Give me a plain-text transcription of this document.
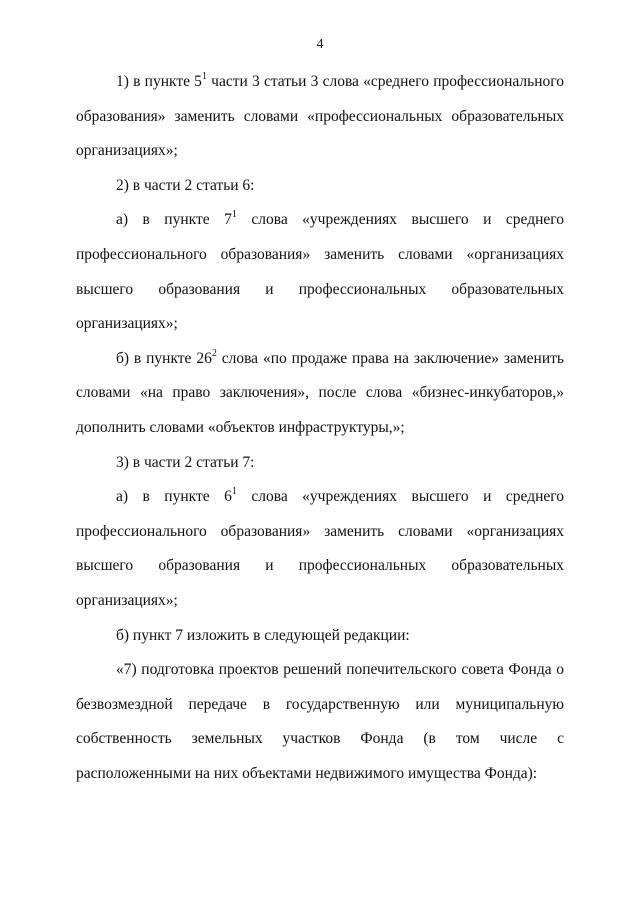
4

1) в пункте $5^1$ части 3 статьи 3 слова «среднего профессионального образования» заменить словами «профессиональных образовательных организациях»;

2) в части 2 статьи 6:

а) в пункте $7^1$ слова «учреждениях высшего и среднего профессионального образования» заменить словами «организациях высшего образования и профессиональных образовательных организациях»;

б) в пункте $26^2$ слова «по продаже права на заключение» заменить словами «на право заключения», после слова «бизнес-инкубаторов,» дополнить словами «объектов инфраструктуры,»;

3) в части 2 статьи 7:

а) в пункте $6^1$ слова «учреждениях высшего и среднего профессионального образования» заменить словами «организациях высшего образования и профессиональных образовательных организациях»;

б) пункт 7 изложить в следующей редакции:

«7) подготовка проектов решений попечительского совета Фонда о безвозмездной передаче в государственную или муниципальную собственность земельных участков Фонда (в том числе с расположенными на них объектами недвижимого имущества Фонда):
